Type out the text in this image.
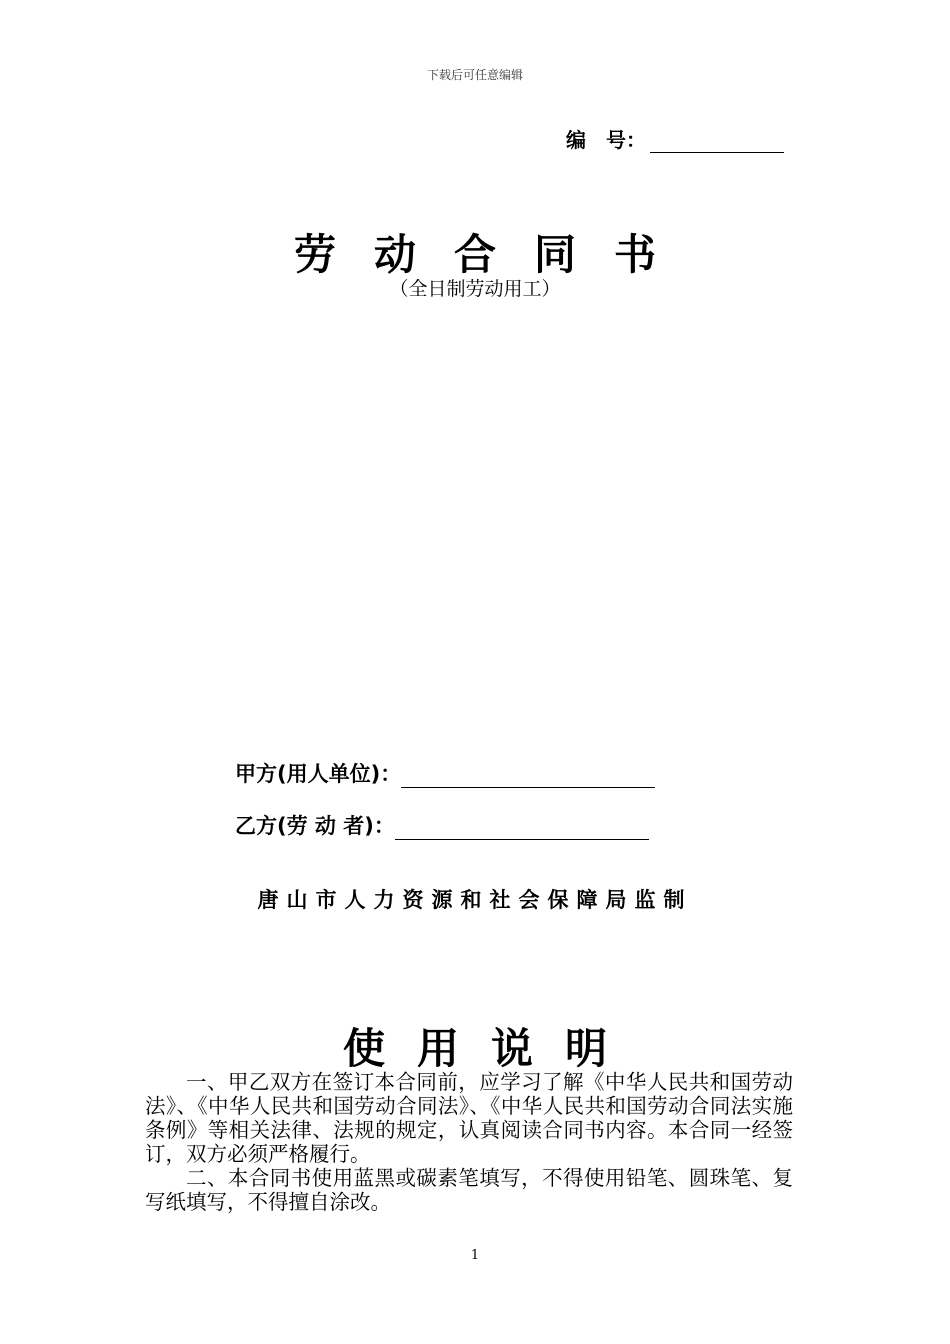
下载后可任意编辑
编　号：
劳动合同书
（全日制劳动用工）
甲方(用人单位)：
乙方(劳 动 者)：
唐山市人力资源和社会保障局监制
使用说明

一、甲乙双方在签订本合同前，应学习了解《中华人民共和国劳动法》、《中华人民共和国劳动合同法》、《中华人民共和国劳动合同法实施条例》等相关法律、法规的规定，认真阅读合同书内容。本合同一经签订，双方必须严格履行。

二、本合同书使用蓝黑或碳素笔填写，不得使用铅笔、圆珠笔、复写纸填写，不得擅自涂改。

1
